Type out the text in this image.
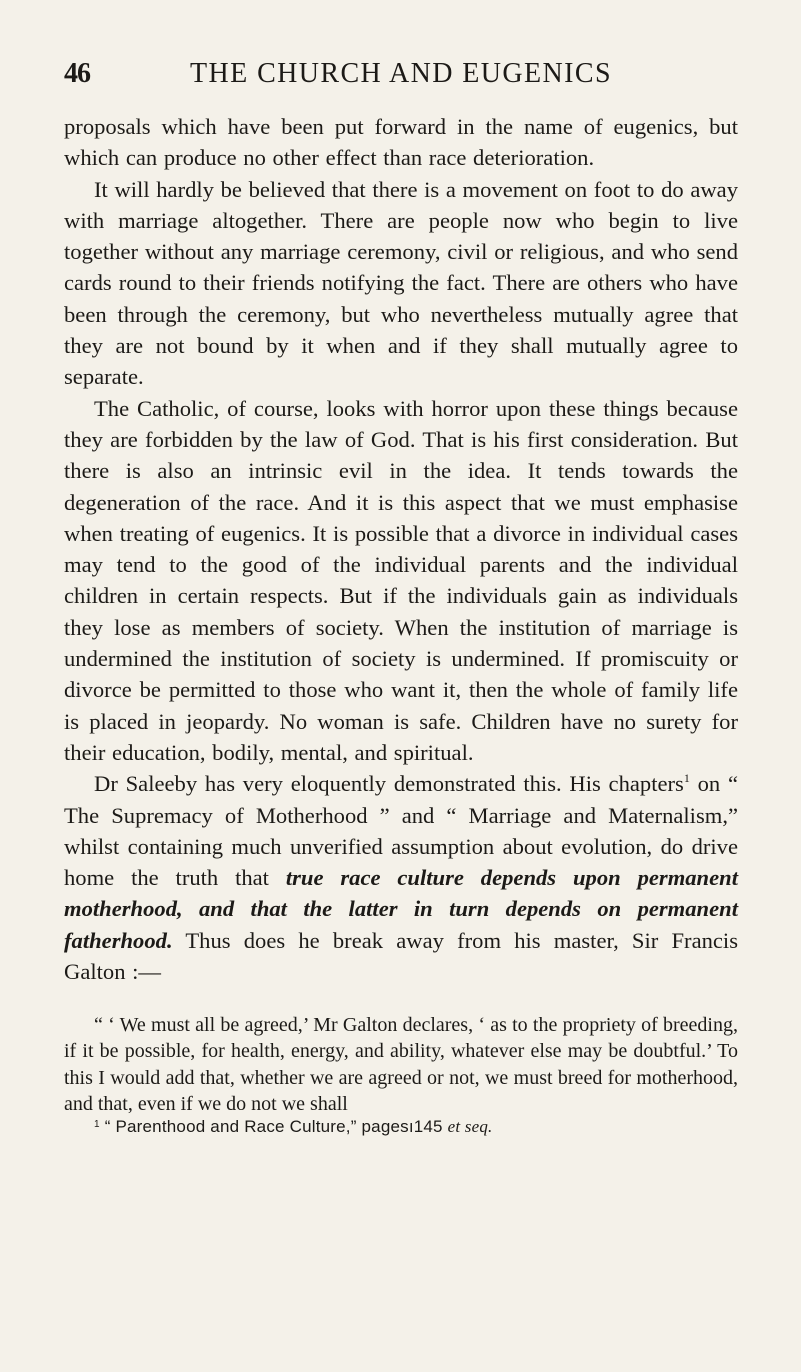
46	THE CHURCH AND EUGENICS

proposals which have been put forward in the name of eugenics, but which can produce no other effect than race deterioration.

It will hardly be believed that there is a movement on foot to do away with marriage altogether. There are people now who begin to live together without any marriage ceremony, civil or religious, and who send cards round to their friends notifying the fact. There are others who have been through the ceremony, but who nevertheless mutually agree that they are not bound by it when and if they shall mutually agree to separate.

The Catholic, of course, looks with horror upon these things because they are forbidden by the law of God. That is his first consideration. But there is also an intrinsic evil in the idea. It tends towards the degeneration of the race. And it is this aspect that we must emphasise when treating of eugenics. It is possible that a divorce in individual cases may tend to the good of the individual parents and the individual children in certain respects. But if the individuals gain as individuals they lose as members of society. When the institution of marriage is undermined the institution of society is undermined. If promiscuity or divorce be permitted to those who want it, then the whole of family life is placed in jeopardy. No woman is safe. Children have no surety for their education, bodily, mental, and spiritual.

Dr Saleeby has very eloquently demonstrated this. His chapters$^1$ on “ The Supremacy of Motherhood ” and “ Marriage and Maternalism,” whilst containing much unverified assumption about evolution, do drive home the truth that true race culture depends upon permanent motherhood, and that the latter in turn depends on permanent fatherhood. Thus does he break away from his master, Sir Francis Galton :—

“ ‘ We must all be agreed,’ Mr Galton declares, ‘ as to the propriety of breeding, if it be possible, for health, energy, and ability, whatever else may be doubtful.’ To this I would add that, whether we are agreed or not, we must breed for motherhood, and that, even if we do not we shall

$^1$ “ Parenthood and Race Culture,” pagesı145 et seq.
